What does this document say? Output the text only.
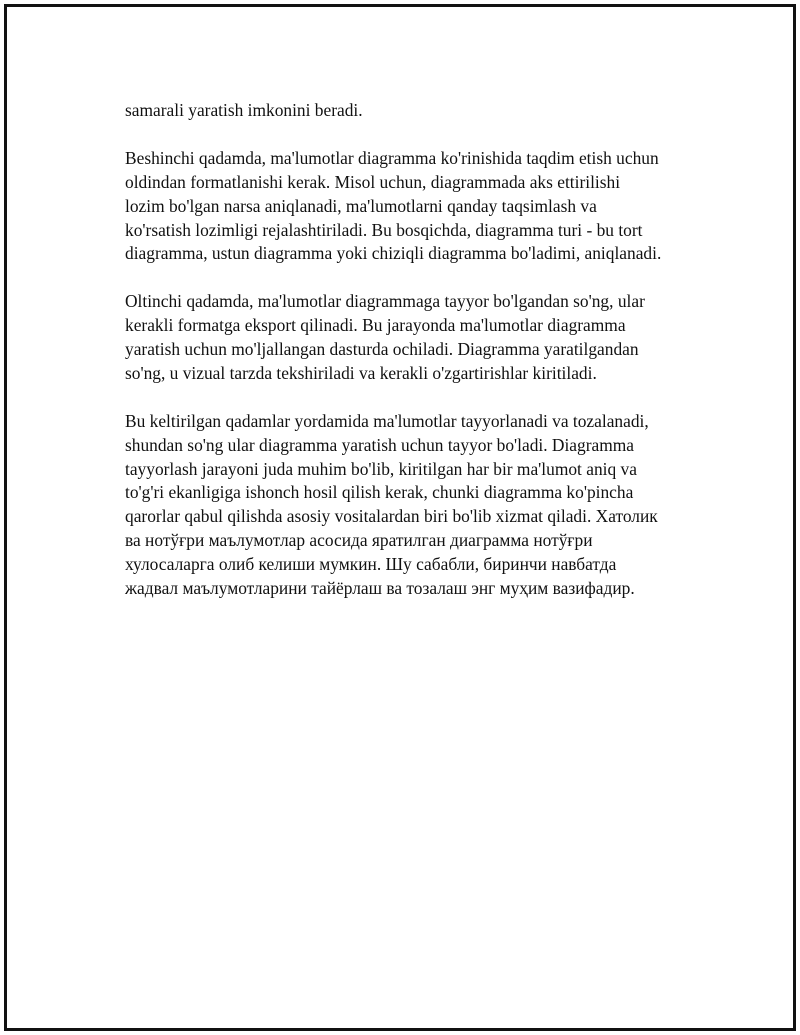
samarali yaratish imkonini beradi.

Beshinchi qadamda, ma'lumotlar diagramma ko'rinishida taqdim etish uchun
oldindan formatlanishi kerak. Misol uchun, diagrammada aks ettirilishi
lozim bo'lgan narsa aniqlanadi, ma'lumotlarni qanday taqsimlash va
ko'rsatish lozimligi rejalashtiriladi. Bu bosqichda, diagramma turi - bu tort
diagramma, ustun diagramma yoki chiziqli diagramma bo'ladimi, aniqlanadi.

Oltinchi qadamda, ma'lumotlar diagrammaga tayyor bo'lgandan so'ng, ular
kerakli formatga eksport qilinadi. Bu jarayonda ma'lumotlar diagramma
yaratish uchun mo'ljallangan dasturda ochiladi. Diagramma yaratilgandan
so'ng, u vizual tarzda tekshiriladi va kerakli o'zgartirishlar kiritiladi.

Bu keltirilgan qadamlar yordamida ma'lumotlar tayyorlanadi va tozalanadi,
shundan so'ng ular diagramma yaratish uchun tayyor bo'ladi. Diagramma
tayyorlash jarayoni juda muhim bo'lib, kiritilgan har bir ma'lumot aniq va
to'g'ri ekanligiga ishonch hosil qilish kerak, chunki diagramma ko'pincha
qarorlar qabul qilishda asosiy vositalardan biri bo'lib xizmat qiladi. Хатолик
ва нотўғри маълумотлар асосида яратилган диаграмма нотўғри
хулосаларга олиб келиши мумкин. Шу сабабли, биринчи навбатда
жадвал маълумотларини тайёрлаш ва тозалаш энг муҳим вазифадир.
